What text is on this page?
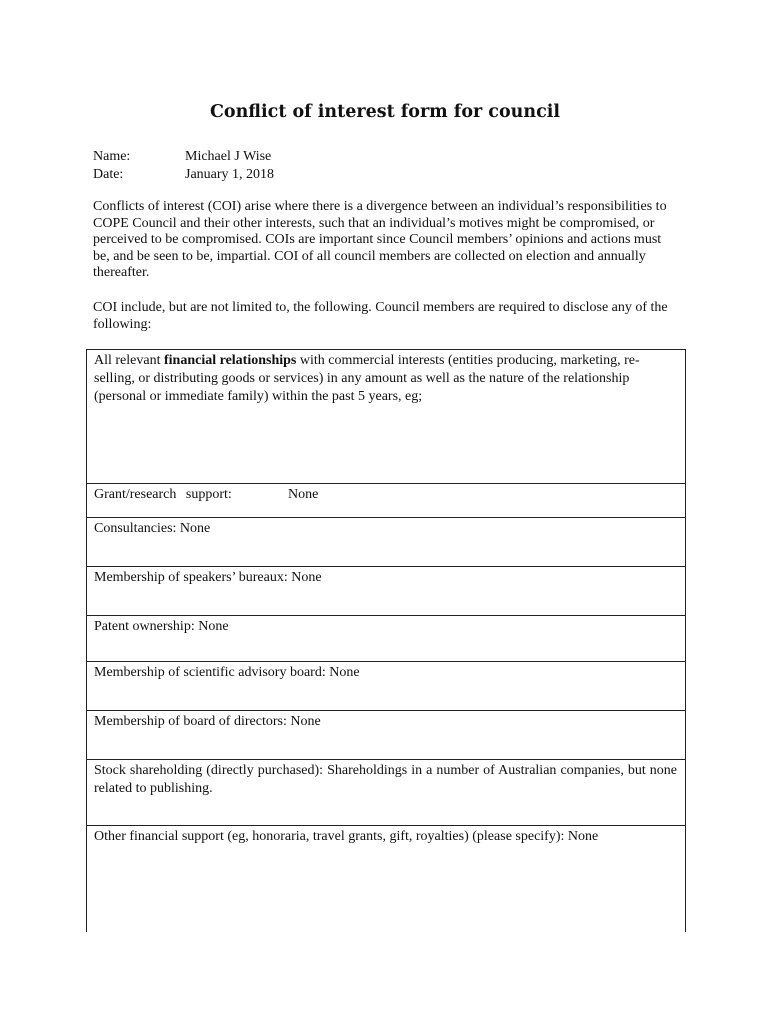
Conflict of interest form for council
Name:	Michael J Wise
Date:	January 1, 2018
Conflicts of interest (COI) arise where there is a divergence between an individual’s responsibilities to COPE Council and their other interests, such that an individual’s motives might be compromised, or perceived to be compromised. COIs are important since Council members’ opinions and actions must be, and be seen to be, impartial. COI of all council members are collected on election and annually thereafter.
COI include, but are not limited to, the following. Council members are required to disclose any of the following:
All relevant financial relationships with commercial interests (entities producing, marketing, re-selling, or distributing goods or services) in any amount as well as the nature of the relationship (personal or immediate family) within the past 5 years, eg;
Grant/research support:	None
Consultancies: None
Membership of speakers’ bureaux: None
Patent ownership: None
Membership of scientific advisory board: None
Membership of board of directors: None
Stock shareholding (directly purchased): Shareholdings in a number of Australian companies, but none related to publishing.
Other financial support (eg, honoraria, travel grants, gift, royalties) (please specify): None
